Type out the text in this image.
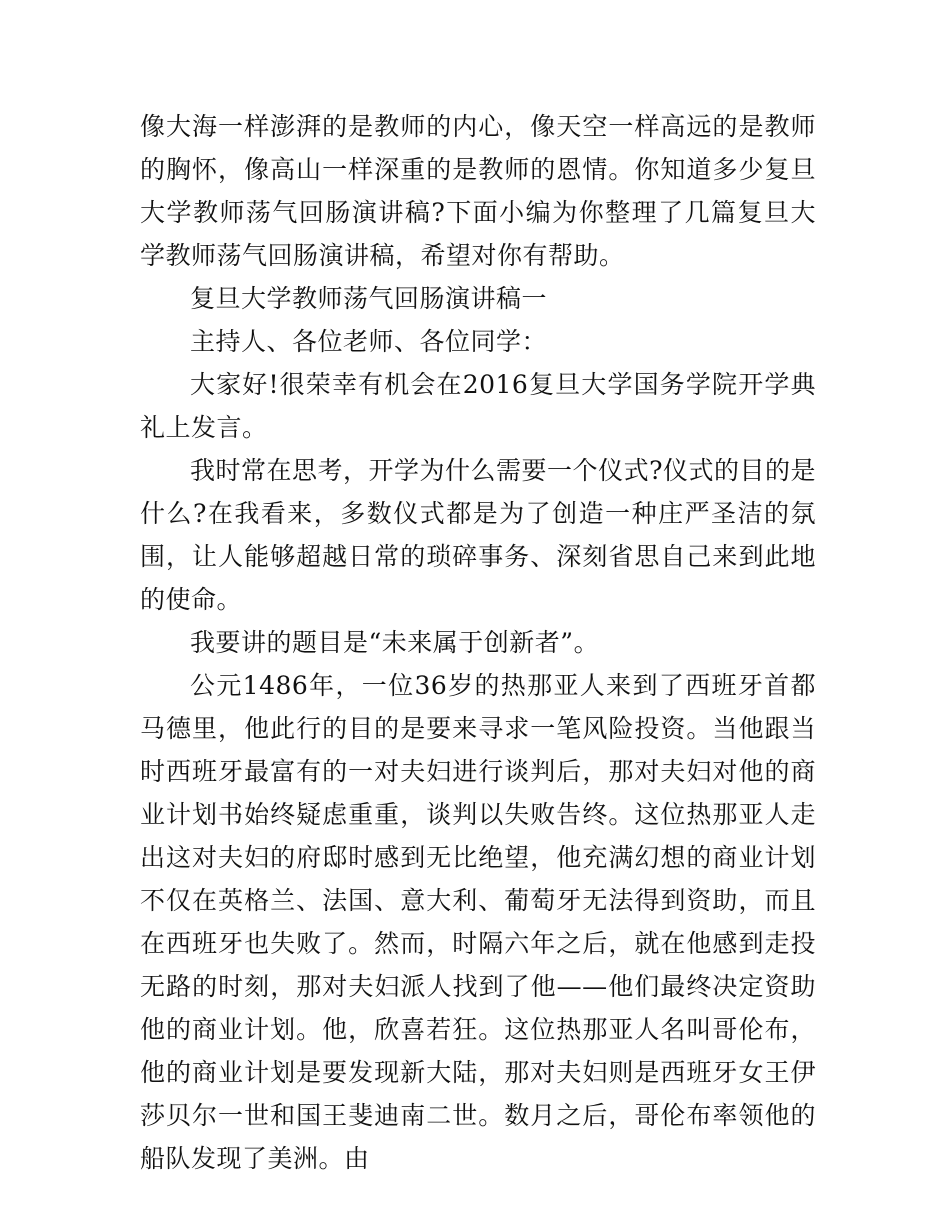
像大海一样澎湃的是教师的内心，像天空一样高远的是教师的胸怀，像高山一样深重的是教师的恩情。你知道多少复旦大学教师荡气回肠演讲稿?下面小编为你整理了几篇复旦大学教师荡气回肠演讲稿，希望对你有帮助。

复旦大学教师荡气回肠演讲稿一

主持人、各位老师、各位同学：

大家好!很荣幸有机会在2016复旦大学国务学院开学典礼上发言。

我时常在思考，开学为什么需要一个仪式?仪式的目的是什么?在我看来，多数仪式都是为了创造一种庄严圣洁的氛围，让人能够超越日常的琐碎事务、深刻省思自己来到此地的使命。

我要讲的题目是“未来属于创新者”。

公元1486年，一位36岁的热那亚人来到了西班牙首都马德里，他此行的目的是要来寻求一笔风险投资。当他跟当时西班牙最富有的一对夫妇进行谈判后，那对夫妇对他的商业计划书始终疑虑重重，谈判以失败告终。这位热那亚人走出这对夫妇的府邸时感到无比绝望，他充满幻想的商业计划不仅在英格兰、法国、意大利、葡萄牙无法得到资助，而且在西班牙也失败了。然而，时隔六年之后，就在他感到走投无路的时刻，那对夫妇派人找到了他——他们最终决定资助他的商业计划。他，欣喜若狂。这位热那亚人名叫哥伦布，他的商业计划是要发现新大陆，那对夫妇则是西班牙女王伊莎贝尔一世和国王斐迪南二世。数月之后，哥伦布率领他的船队发现了美洲。由
